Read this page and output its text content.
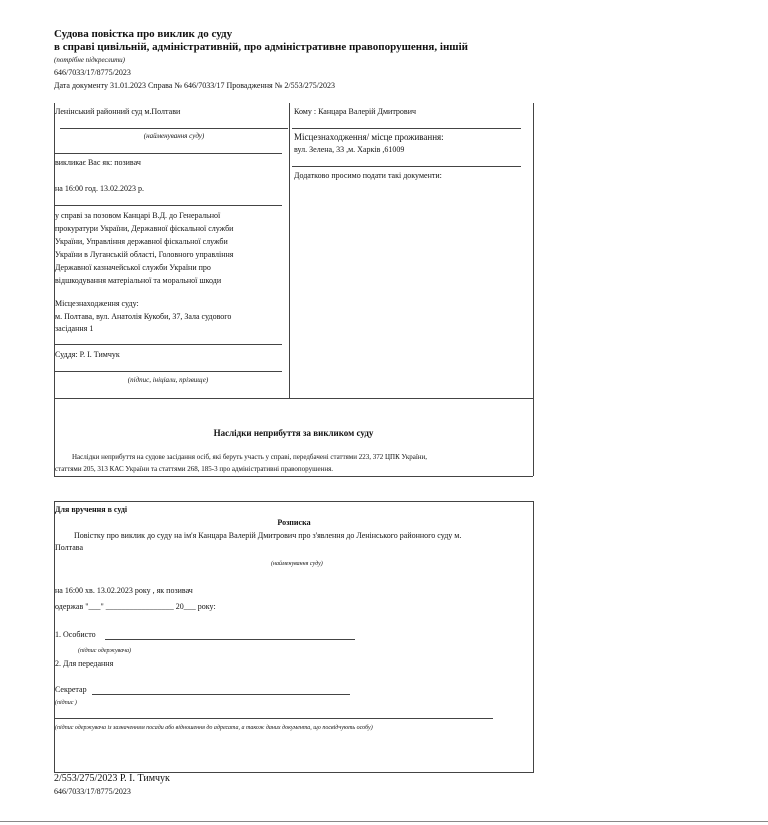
Судова повістка про виклик до суду
в справі цивільній, адміністративній, про адміністративне правопорушення, іншій
(потрібне підкреслити)
646/7033/17/8775/2023
Дата документу 31.01.2023 Справа № 646/7033/17 Провадження № 2/553/275/2023
Ленінський районний суд м.Полтави
(найменування суду)
викликає Вас як: позивач
на 16:00 год. 13.02.2023 р.
у справі за позовом Канцарі В.Д. до Генеральної
прокуратури України, Державної фіскальної служби
України, Управління державної фіскальної служби
України в Луганській області, Головного управління
Державної казначейської служби України про
відшкодування матеріальної та моральної шкоди
Місцезнаходження суду:
м. Полтава, вул. Анатолія Кукоби, 37, Зала судового
засідання 1
Суддя: Р. І. Тимчук
(підпис, ініціали, прізвище)
Кому : Канцара Валерій Дмитрович
Місцезнаходження/ місце проживання:
вул. Зелена, 33 ,м. Харків ,61009
Додатково просимо подати такі документи:
Наслідки неприбуття за викликом суду
Наслідки неприбуття на судове засідання осіб, які беруть участь у справі, передбачені статтями 223, 372 ЦПК України,
статтями 205, 313 КАС України та статтями 268, 185-3 про адміністративні правопорушення.
Для вручення в суді
Розписка
Повістку про виклик до суду на ім'я Канцара Валерій Дмитрович про з'явлення до Ленінського районного суду м.
Полтава
(найменування суду)
на 16:00 хв. 13.02.2023 року , як позивач
одержав "___" _________________ 20___ року:
1. Особисто
(підпис одержувача)
2. Для передання
Секретар
(підпис )
(підпис одержувача із зазначенням посади або відношення до адресата, а також даних документа, що посвідчують особу)
2/553/275/2023 Р. І. Тимчук
646/7033/17/8775/2023
